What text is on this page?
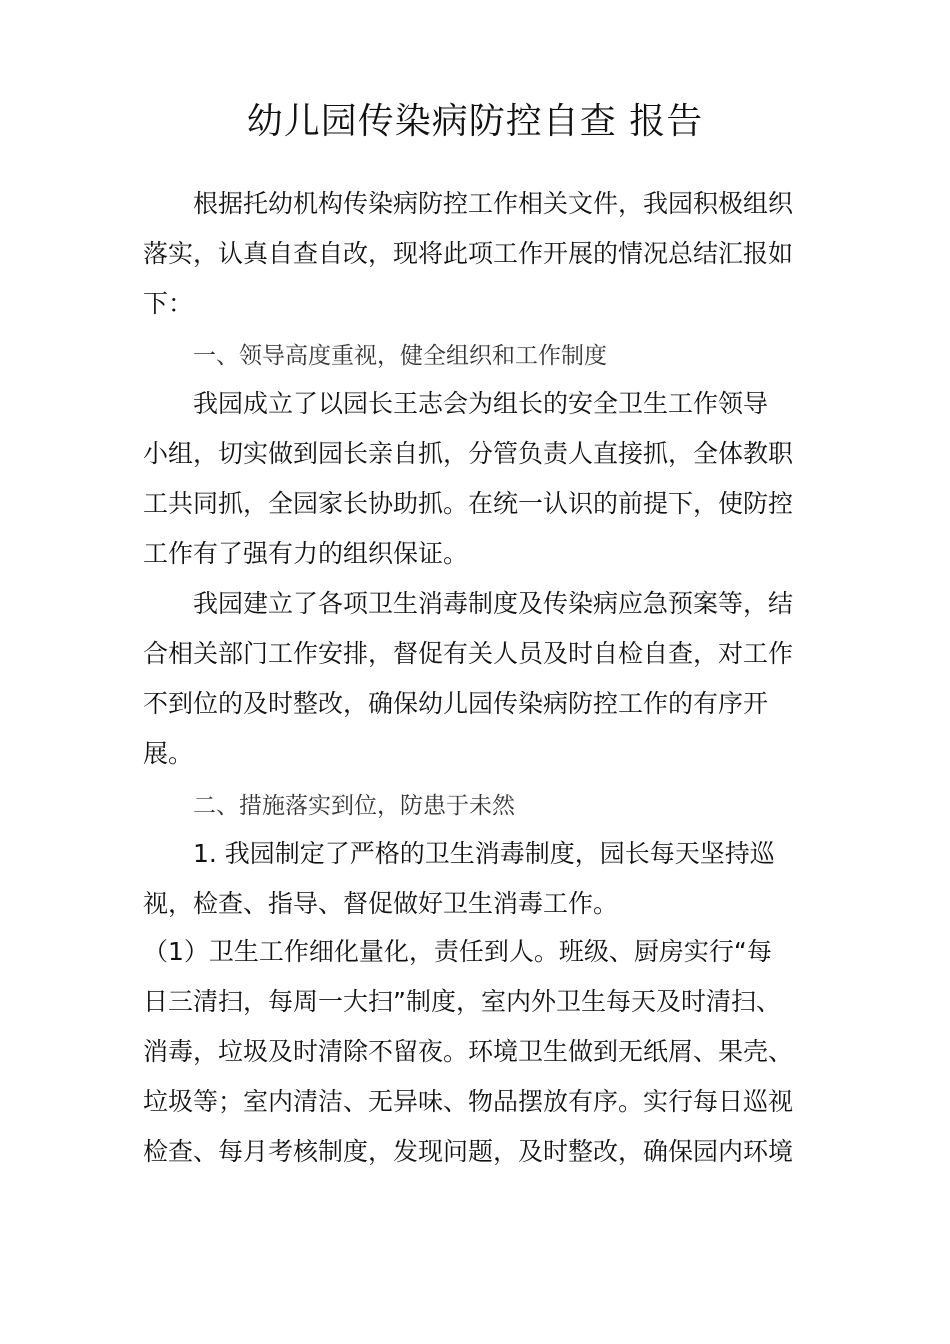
幼儿园传染病防控自查 报告

根据托幼机构传染病防控工作相关文件，我园积极组织

落实，认真自查自改，现将此项工作开展的情况总结汇报如

下：

一、领导高度重视，健全组织和工作制度

我园成立了以园长王志会为组长的安全卫生工作领导

小组，切实做到园长亲自抓，分管负责人直接抓，全体教职

工共同抓，全园家长协助抓。在统一认识的前提下，使防控

工作有了强有力的组织保证。

我园建立了各项卫生消毒制度及传染病应急预案等，结

合相关部门工作安排，督促有关人员及时自检自查，对工作

不到位的及时整改，确保幼儿园传染病防控工作的有序开

展。

二、措施落实到位，防患于未然

1. 我园制定了严格的卫生消毒制度，园长每天坚持巡

视，检查、指导、督促做好卫生消毒工作。

（1）卫生工作细化量化，责任到人。班级、厨房实行“每

日三清扫，每周一大扫”制度，室内外卫生每天及时清扫、

消毒，垃圾及时清除不留夜。环境卫生做到无纸屑、果壳、

垃圾等；室内清洁、无异味、物品摆放有序。实行每日巡视

检查、每月考核制度，发现问题，及时整改，确保园内环境
